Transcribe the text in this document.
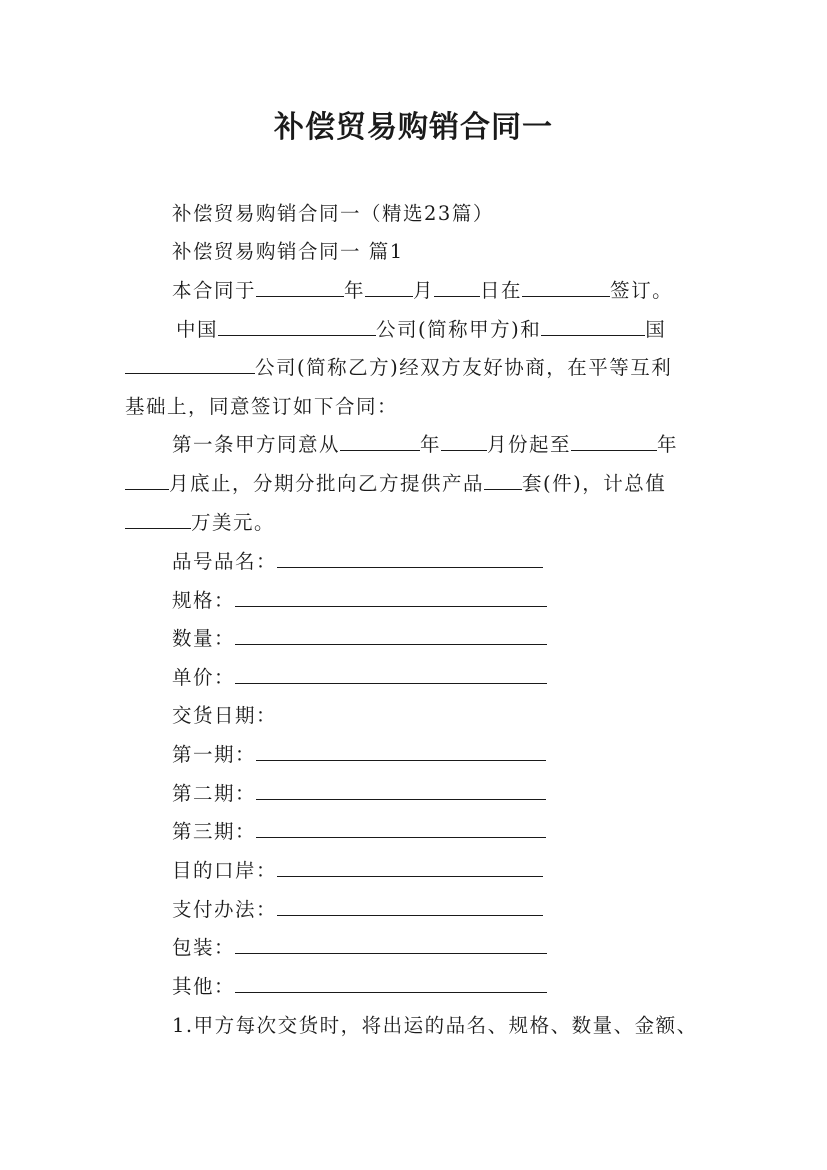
补偿贸易购销合同一
补偿贸易购销合同一（精选23篇）
补偿贸易购销合同一 篇1
本合同于	年 月 日在	签订。
中国	公司(简称甲方)和	国
公司(简称乙方)经双方友好协商，在平等互利
基础上，同意签订如下合同：
第一条甲方同意从	年 月份起至	年
月底止，分期分批向乙方提供产品 套(件)，计总值
万美元。
品号品名：
规格：
数量：
单价：
交货日期：
第一期：
第二期：
第三期：
目的口岸：
支付办法：
包装：
其他：
1.甲方每次交货时，将出运的品名、规格、数量、金额、
